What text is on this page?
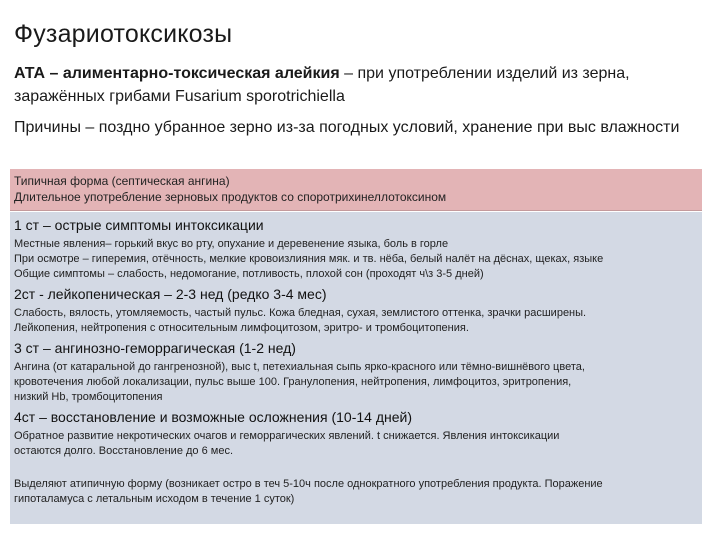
Фузариотоксикозы
АТА – алиментарно-токсическая алейкия – при употреблении изделий из зерна, заражённых грибами Fusarium sporotrichiella
Причины – поздно убранное зерно из-за погодных условий, хранение при выс влажности
Типичная форма (септическая ангина)
Длительное употребление зерновых продуктов со споротрихинеллотоксином
1 ст – острые симптомы интоксикации
Местные явления– горький вкус во рту, опухание и деревенение языка, боль в горле
При осмотре – гиперемия, отёчность, мелкие кровоизлияния мяк. и тв. нёба, белый налёт на дёснах, щеках, языке
Общие симптомы – слабость, недомогание, потливость, плохой сон (проходят ч\з 3-5 дней)
2ст - лейкопеническая – 2-3 нед (редко 3-4 мес)
Слабость, вялость, утомляемость, частый пульс. Кожа бледная, сухая, землистого оттенка, зрачки расширены.
Лейкопения, нейтропения с относительным лимфоцитозом, эритро- и тромбоцитопения.
3 ст – ангинозно-геморрагическая (1-2 нед)
Ангина (от катаральной до гангренозной), выс t, петехиальная сыпь ярко-красного или тёмно-вишнёвого цвета,
кровотечения любой локализации, пульс выше 100. Гранулопения, нейтропения, лимфоцитоз, эритропения,
низкий Hb, тромбоцитопения
4ст – восстановление и возможные осложнения (10-14 дней)
Обратное развитие некротических очагов и геморрагических явлений. t снижается. Явления интоксикации
остаются долго. Восстановление до 6 мес.
Выделяют атипичную форму (возникает остро в теч 5-10ч после однократного употребления продукта. Поражение
гипоталамуса с летальным исходом в течение 1 суток)
